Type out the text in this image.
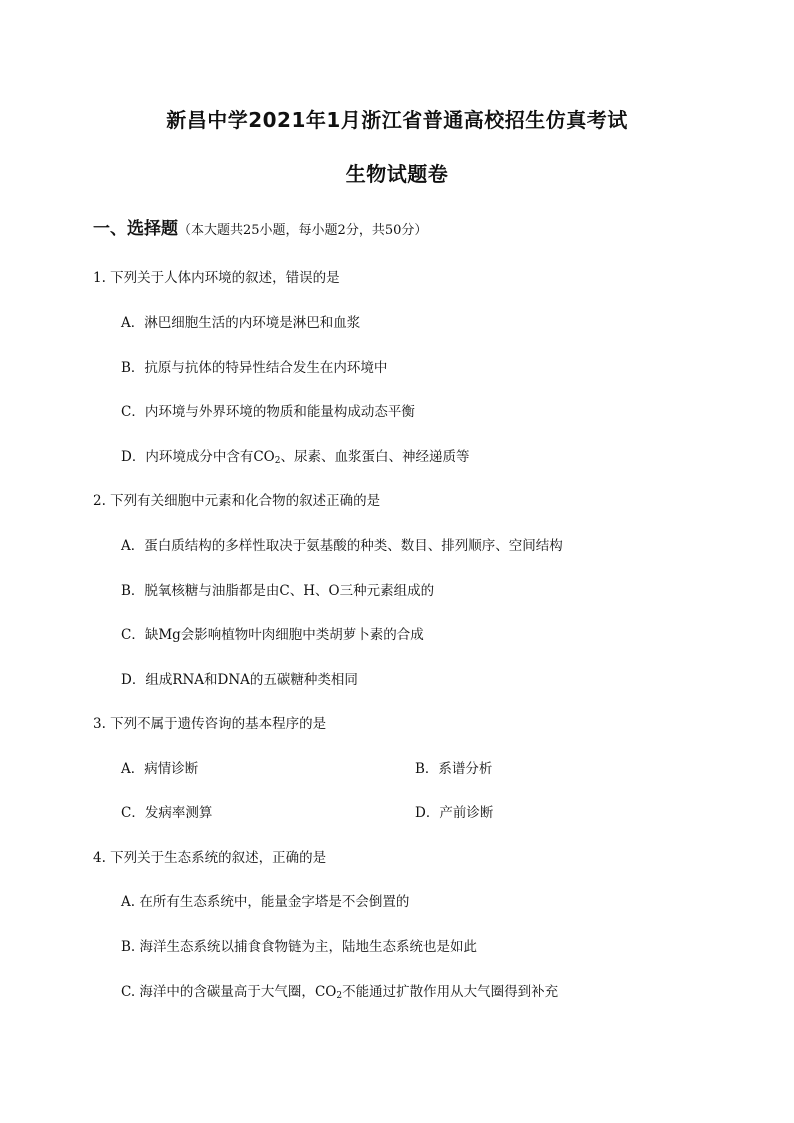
新昌中学2021年1月浙江省普通高校招生仿真考试
生物试题卷
一、选择题（本大题共25小题，每小题2分，共50分）
1. 下列关于人体内环境的叙述，错误的是
A．淋巴细胞生活的内环境是淋巴和血浆
B．抗原与抗体的特异性结合发生在内环境中
C．内环境与外界环境的物质和能量构成动态平衡
D．内环境成分中含有$CO_2$、尿素、血浆蛋白、神经递质等
2. 下列有关细胞中元素和化合物的叙述正确的是
A．蛋白质结构的多样性取决于氨基酸的种类、数目、排列顺序、空间结构
B．脱氧核糖与油脂都是由C、H、O三种元素组成的
C．缺Mg会影响植物叶肉细胞中类胡萝卜素的合成
D．组成RNA和DNA的五碳糖种类相同
3. 下列不属于遗传咨询的基本程序的是
A．病情诊断	B．系谱分析
C．发病率测算	D．产前诊断
4. 下列关于生态系统的叙述，正确的是
A. 在所有生态系统中，能量金字塔是不会倒置的
B. 海洋生态系统以捕食食物链为主，陆地生态系统也是如此
C. 海洋中的含碳量高于大气圈，$CO_2$不能通过扩散作用从大气圈得到补充
